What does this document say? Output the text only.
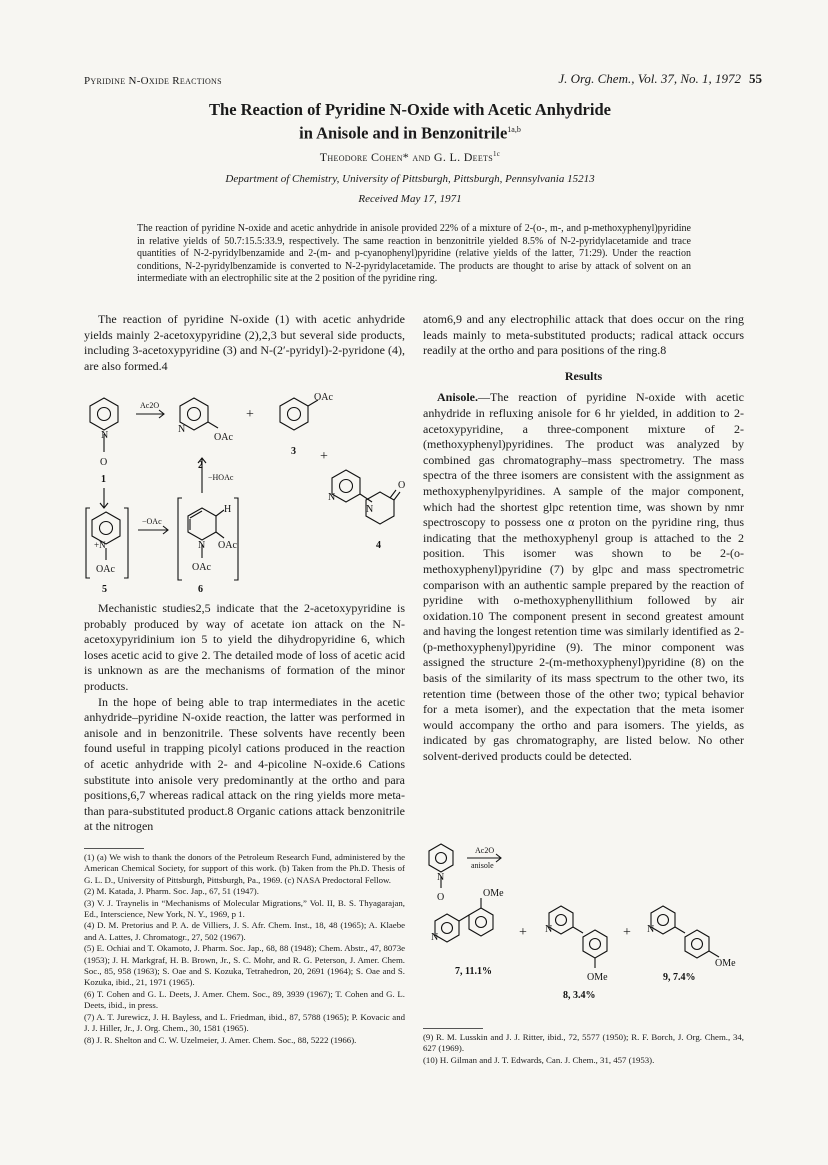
Pyridine N-Oxide Reactions	J. Org. Chem., Vol. 37, No. 1, 1972 55
The Reaction of Pyridine N-Oxide with Acetic Anhydride
in Anisole and in Benzonitrile$^{1a,b}$
Theodore Cohen* and G. L. Deets$^{1c}$
Department of Chemistry, University of Pittsburgh, Pittsburgh, Pennsylvania 15213
Received May 17, 1971
The reaction of pyridine N-oxide and acetic anhydride in anisole provided 22% of a mixture of 2-(o-, m-, and p-methoxyphenyl)pyridine in relative yields of 50.7:15.5:33.9, respectively. The same reaction in benzonitrile yielded 8.5% of N-2-pyridylacetamide and trace quantities of N-2-pyridylbenzamide and 2-(m- and p-cyanophenyl)pyridine (relative yields of the latter, 71:29). Under the reaction conditions, N-2-pyridylbenzamide is converted to N-2-pyridylacetamide. The products are thought to arise by attack of solvent on an intermediate with an electrophilic site at the 2 position of the pyridine ring.

The reaction of pyridine N-oxide (1) with acetic anhydride yields mainly 2-acetoxypyridine (2),2,3 but several side products, including 3-acetoxypyridine (3) and N-(2′-pyridyl)-2-pyridone (4), are also formed.4

N
O
Ac2O
N
OAc
+
OAc
2
3
1	−HOAc
+
+N
OAc
5
−OAc
N
H
OAc
OAc
6
N
N
O
4

Mechanistic studies2,5 indicate that the 2-acetoxypyridine is probably produced by way of acetate ion attack on the N-acetoxypyridinium ion 5 to yield the dihydropyridine 6, which loses acetic acid to give 2. The detailed mode of loss of acetic acid is unknown as are the mechanisms of formation of the minor products.

In the hope of being able to trap intermediates in the acetic anhydride–pyridine N-oxide reaction, the latter was performed in anisole and in benzonitrile. These solvents have recently been found useful in trapping picolyl cations produced in the reaction of acetic anhydride with 2- and 4-picoline N-oxide.6 Cations substitute into anisole very predominantly at the ortho and para positions,6,7 whereas radical attack on the ring yields more meta- than para-substituted product.8 Organic cations attack benzonitrile at the nitrogen

atom6,9 and any electrophilic attack that does occur on the ring leads mainly to meta-substituted products; radical attack occurs readily at the ortho and para positions of the ring.8

Results

Anisole.—The reaction of pyridine N-oxide with acetic anhydride in refluxing anisole for 6 hr yielded, in addition to 2-acetoxypyridine, a three-component mixture of 2-(methoxyphenyl)pyridines. The product was analyzed by combined gas chromatography–mass spectrometry. The mass spectra of the three isomers are consistent with the assignment as methoxyphenylpyridines. A sample of the major component, which had the shortest glpc retention time, was shown by nmr spectroscopy to possess one α proton on the pyridine ring, thus indicating that the methoxyphenyl group is attached to the 2 position. This isomer was shown to be 2-(o-methoxyphenyl)pyridine (7) by glpc and mass spectrometric comparison with an authentic sample prepared by the reaction of pyridine with o-methoxyphenyllithium followed by air oxidation.10 The component present in second greatest amount and having the longest retention time was similarly identified as 2-(p-methoxyphenyl)pyridine (9). The minor component was assigned the structure 2-(m-methoxyphenyl)pyridine (8) on the basis of the similarity of its mass spectrum to the other two, its retention time (between those of the other two; typical behavior for a meta isomer), and the expectation that the meta isomer would accompany the ortho and para isomers. The yields, as indicated by gas chromatography, are listed below. No other solvent-derived products could be detected.

N
O
Ac2O
anisole
N
OMe
+ N
OMe
+ N
OMe
7, 11.1%
8, 3.4%
9, 7.4%
(1) (a) We wish to thank the donors of the Petroleum Research Fund, administered by the American Chemical Society, for support of this work. (b) Taken from the Ph.D. Thesis of G. L. D., University of Pittsburgh, Pittsburgh, Pa., 1969. (c) NASA Predoctoral Fellow.
(2) M. Katada, J. Pharm. Soc. Jap., 67, 51 (1947).
(3) V. J. Traynelis in “Mechanisms of Molecular Migrations,” Vol. II, B. S. Thyagarajan, Ed., Interscience, New York, N. Y., 1969, p 1.
(4) D. M. Pretorius and P. A. de Villiers, J. S. Afr. Chem. Inst., 18, 48 (1965); A. Klaebe and A. Lattes, J. Chromatogr., 27, 502 (1967).
(5) E. Ochiai and T. Okamoto, J. Pharm. Soc. Jap., 68, 88 (1948); Chem. Abstr., 47, 8073e (1953); J. H. Markgraf, H. B. Brown, Jr., S. C. Mohr, and R. G. Peterson, J. Amer. Chem. Soc., 85, 958 (1963); S. Oae and S. Kozuka, Tetrahedron, 20, 2691 (1964); S. Oae and S. Kozuka, ibid., 21, 1971 (1965).
(6) T. Cohen and G. L. Deets, J. Amer. Chem. Soc., 89, 3939 (1967); T. Cohen and G. L. Deets, ibid., in press.
(7) A. T. Jurewicz, J. H. Bayless, and L. Friedman, ibid., 87, 5788 (1965); P. Kovacic and J. J. Hiller, Jr., J. Org. Chem., 30, 1581 (1965).
(8) J. R. Shelton and C. W. Uzelmeier, J. Amer. Chem. Soc., 88, 5222 (1966).	(9) R. M. Lusskin and J. J. Ritter, ibid., 72, 5577 (1950); R. F. Borch, J. Org. Chem., 34, 627 (1969).
(10) H. Gilman and J. T. Edwards, Can. J. Chem., 31, 457 (1953).
